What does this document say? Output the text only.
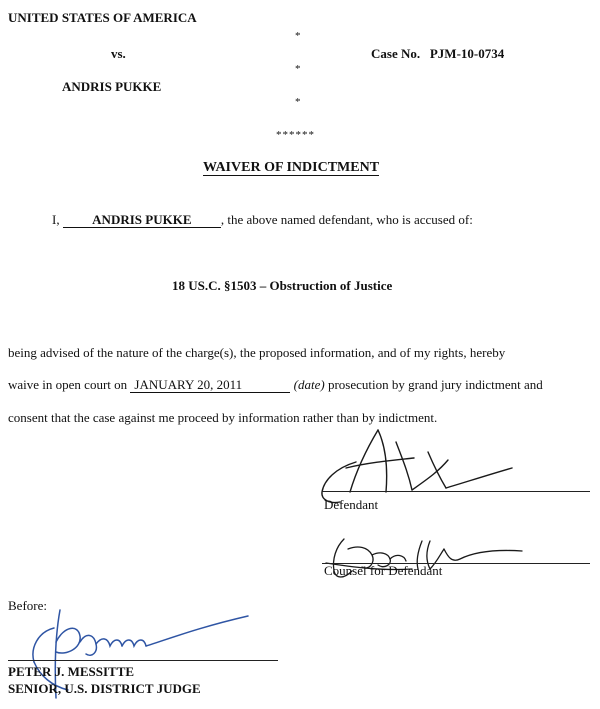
UNITED STATES OF AMERICA
vs.
ANDRIS PUKKE
*
*
*
Case No. PJM-10-0734
******
WAIVER OF INDICTMENT
I,	ANDRIS PUKKE , the above named defendant, who is accused of:
18 US.C. §1503 – Obstruction of Justice
being advised of the nature of the charge(s), the proposed information, and of my rights, hereby
waive in open court on JANUARY 20, 2011	(date) prosecution by grand jury indictment and
consent that the case against me proceed by information rather than by indictment.
Defendant
Counsel for Defendant
Before:
PETER J. MESSITTE
SENIOR, U.S. DISTRICT JUDGE
